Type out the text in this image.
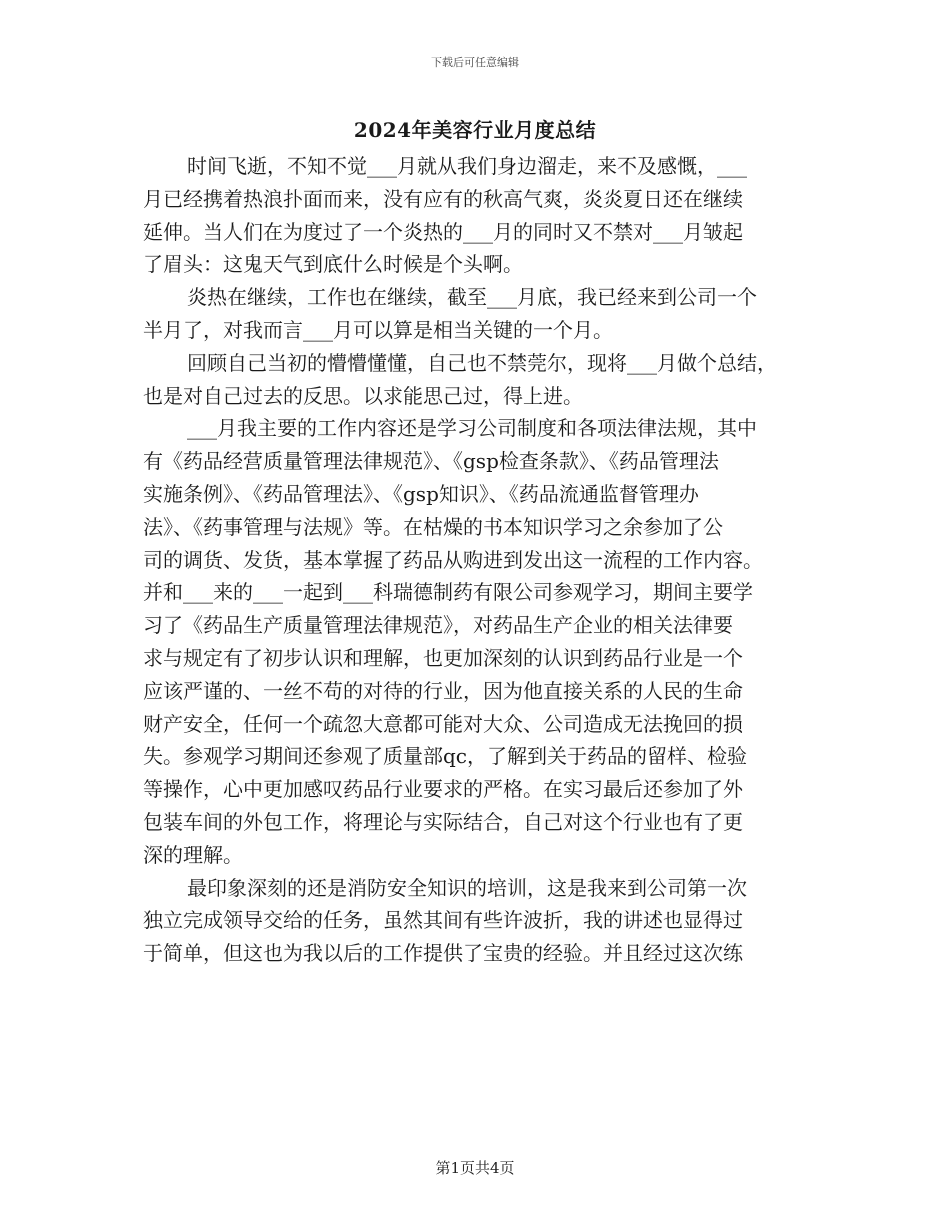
下载后可任意编辑
2024年美容行业月度总结
时间飞逝，不知不觉___月就从我们身边溜走，来不及感慨，___
月已经携着热浪扑面而来，没有应有的秋高气爽，炎炎夏日还在继续
延伸。当人们在为度过了一个炎热的___月的同时又不禁对___月皱起
了眉头：这鬼天气到底什么时候是个头啊。
炎热在继续，工作也在继续，截至___月底，我已经来到公司一个
半月了，对我而言___月可以算是相当关键的一个月。
回顾自己当初的懵懵懂懂，自己也不禁莞尔，现将___月做个总结，
也是对自己过去的反思。以求能思己过，得上进。
___月我主要的工作内容还是学习公司制度和各项法律法规，其中
有《药品经营质量管理法律规范》、《gsp检查条款》、《药品管理法
实施条例》、《药品管理法》、《gsp知识》、《药品流通监督管理办
法》、《药事管理与法规》等。在枯燥的书本知识学习之余参加了公
司的调货、发货，基本掌握了药品从购进到发出这一流程的工作内容。
并和___来的___一起到___科瑞德制药有限公司参观学习，期间主要学
习了《药品生产质量管理法律规范》，对药品生产企业的相关法律要
求与规定有了初步认识和理解，也更加深刻的认识到药品行业是一个
应该严谨的、一丝不苟的对待的行业，因为他直接关系的人民的生命
财产安全，任何一个疏忽大意都可能对大众、公司造成无法挽回的损
失。参观学习期间还参观了质量部qc，了解到关于药品的留样、检验
等操作，心中更加感叹药品行业要求的严格。在实习最后还参加了外
包装车间的外包工作，将理论与实际结合，自己对这个行业也有了更
深的理解。
最印象深刻的还是消防安全知识的培训，这是我来到公司第一次
独立完成领导交给的任务，虽然其间有些许波折，我的讲述也显得过
于简单，但这也为我以后的工作提供了宝贵的经验。并且经过这次练
第1页共4页
